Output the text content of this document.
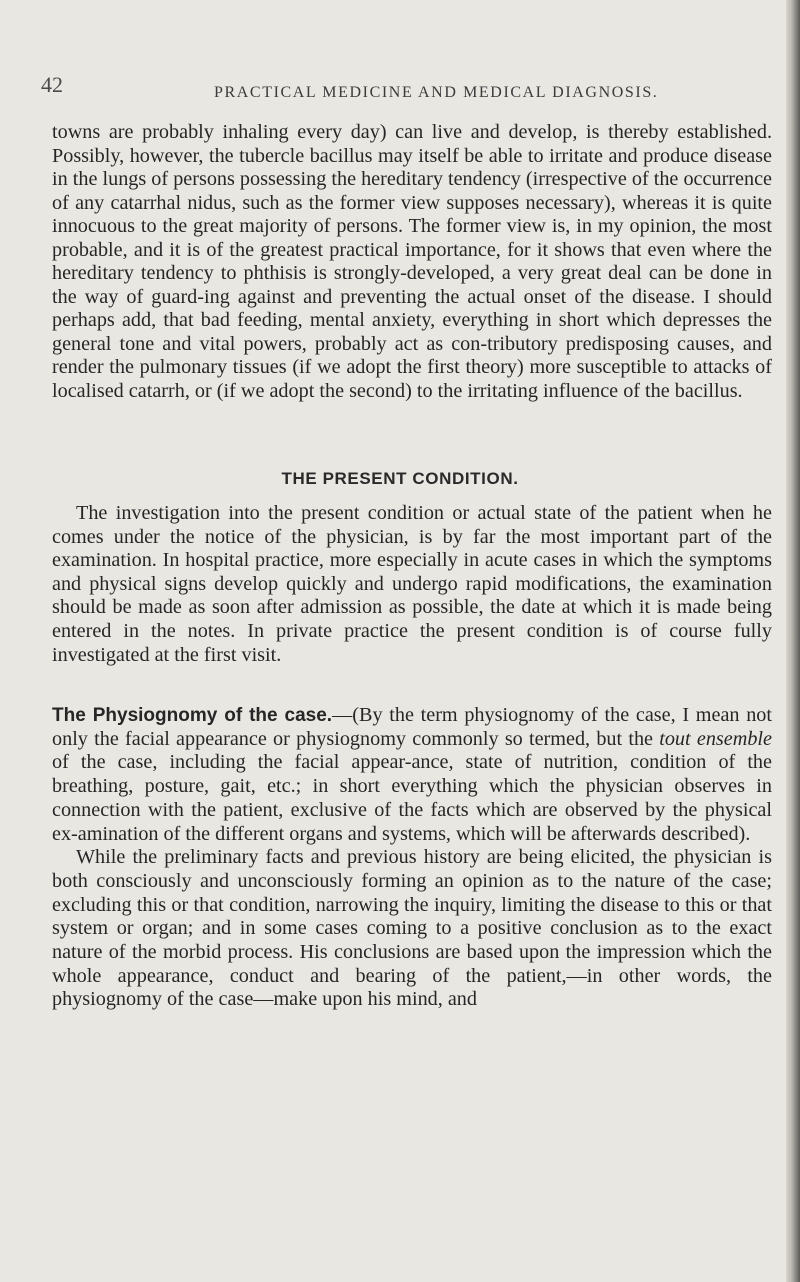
42	PRACTICAL MEDICINE AND MEDICAL DIAGNOSIS.

towns are probably inhaling every day) can live and develop, is thereby established. Possibly, however, the tubercle bacillus may itself be able to irritate and produce disease in the lungs of persons possessing the hereditary tendency (irrespective of the occurrence of any catarrhal nidus, such as the former view supposes necessary), whereas it is quite innocuous to the great majority of persons. The former view is, in my opinion, the most probable, and it is of the greatest practical importance, for it shows that even where the hereditary tendency to phthisis is strongly-developed, a very great deal can be done in the way of guard-ing against and preventing the actual onset of the disease. I should perhaps add, that bad feeding, mental anxiety, everything in short which depresses the general tone and vital powers, probably act as con-tributory predisposing causes, and render the pulmonary tissues (if we adopt the first theory) more susceptible to attacks of localised catarrh, or (if we adopt the second) to the irritating influence of the bacillus.

THE PRESENT CONDITION.

The investigation into the present condition or actual state of the patient when he comes under the notice of the physician, is by far the most important part of the examination. In hospital practice, more especially in acute cases in which the symptoms and physical signs develop quickly and undergo rapid modifications, the examination should be made as soon after admission as possible, the date at which it is made being entered in the notes. In private practice the present condition is of course fully investigated at the first visit.

The Physiognomy of the case.—(By the term physiognomy of the case, I mean not only the facial appearance or physiognomy commonly so termed, but the tout ensemble of the case, including the facial appear-ance, state of nutrition, condition of the breathing, posture, gait, etc.; in short everything which the physician observes in connection with the patient, exclusive of the facts which are observed by the physical ex-amination of the different organs and systems, which will be afterwards described).

While the preliminary facts and previous history are being elicited, the physician is both consciously and unconsciously forming an opinion as to the nature of the case; excluding this or that condition, narrowing the inquiry, limiting the disease to this or that system or organ; and in some cases coming to a positive conclusion as to the exact nature of the morbid process. His conclusions are based upon the impression which the whole appearance, conduct and bearing of the patient,—in other words, the physiognomy of the case—make upon his mind, and
